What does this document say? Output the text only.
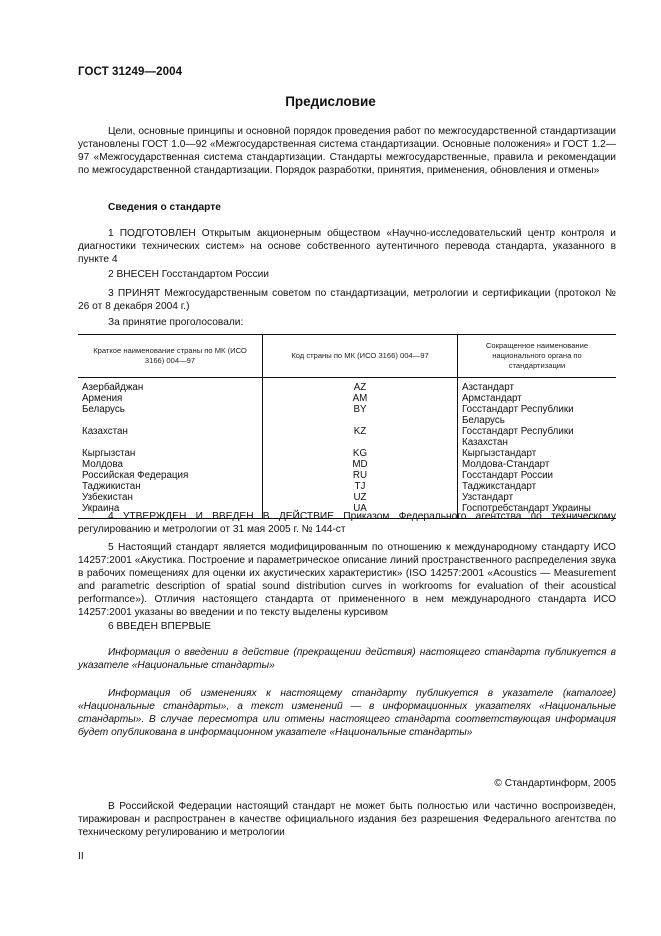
ГОСТ 31249—2004
Предисловие

Цели, основные принципы и основной порядок проведения работ по межгосударственной стандартизации установлены ГОСТ 1.0—92 «Межгосударственная система стандартизации. Основные положения» и ГОСТ 1.2—97 «Межгосударственная система стандартизации. Стандарты межгосударственные, правила и рекомендации по межгосударственной стандартизации. Порядок разработки, принятия, применения, обновления и отмены»

Сведения о стандарте

1 ПОДГОТОВЛЕН Открытым акционерным обществом «Научно-исследовательский центр контроля и диагностики технических систем» на основе собственного аутентичного перевода стандарта, указанного в пункте 4

2 ВНЕСЕН Госстандартом России

3 ПРИНЯТ Межгосударственным советом по стандартизации, метрологии и сертификации (протокол № 26 от 8 декабря 2004 г.)

За принятие проголосовали:

Краткое наименование страны по МК (ИСО 3166) 004—97	Код страны по МК (ИСО 3166) 004—97	Сокращенное наименование национального органа по стандартизации
Азербайджан	AZ	Азстандарт
Армения	AM	Армстандарт
Беларусь	BY	Госстандарт Республики Беларусь
Казахстан	KZ	Госстандарт Республики Казахстан
Кыргызстан	KG	Кыргызстандарт
Молдова	MD	Молдова-Стандарт
Российская Федерация	RU	Госстандарт России
Таджикистан	TJ	Таджикстандарт
Узбекистан	UZ	Узстандарт
Украина	UA	Госпотребстандарт Украины

4 УТВЕРЖДЕН И ВВЕДЕН В ДЕЙСТВИЕ Приказом Федерального агентства по техническому регулированию и метрологии от 31 мая 2005 г. № 144-ст

5 Настоящий стандарт является модифицированным по отношению к международному стандарту ИСО 14257:2001 «Акустика. Построение и параметрическое описание линий пространственного распределения звука в рабочих помещениях для оценки их акустических характеристик» (ISO 14257:2001 «Acoustics — Measurement and parametric description of spatial sound distribution curves in workrooms for evaluation of their acoustical performance»). Отличия настоящего стандарта от примененного в нем международного стандарта ИСО 14257:2001 указаны во введении и по тексту выделены курсивом

6 ВВЕДЕН ВПЕРВЫЕ

Информация о введении в действие (прекращении действия) настоящего стандарта публикуется в указателе «Национальные стандарты»

Информация об изменениях к настоящему стандарту публикуется в указателе (каталоге) «Национальные стандарты», а текст изменений — в информационных указателях «Национальные стандарты». В случае пересмотра или отмены настоящего стандарта соответствующая информация будет опубликована в информационном указателе «Национальные стандарты»

© Стандартинформ, 2005

В Российской Федерации настоящий стандарт не может быть полностью или частично воспроизведен, тиражирован и распространен в качестве официального издания без разрешения Федерального агентства по техническому регулированию и метрологии

II
